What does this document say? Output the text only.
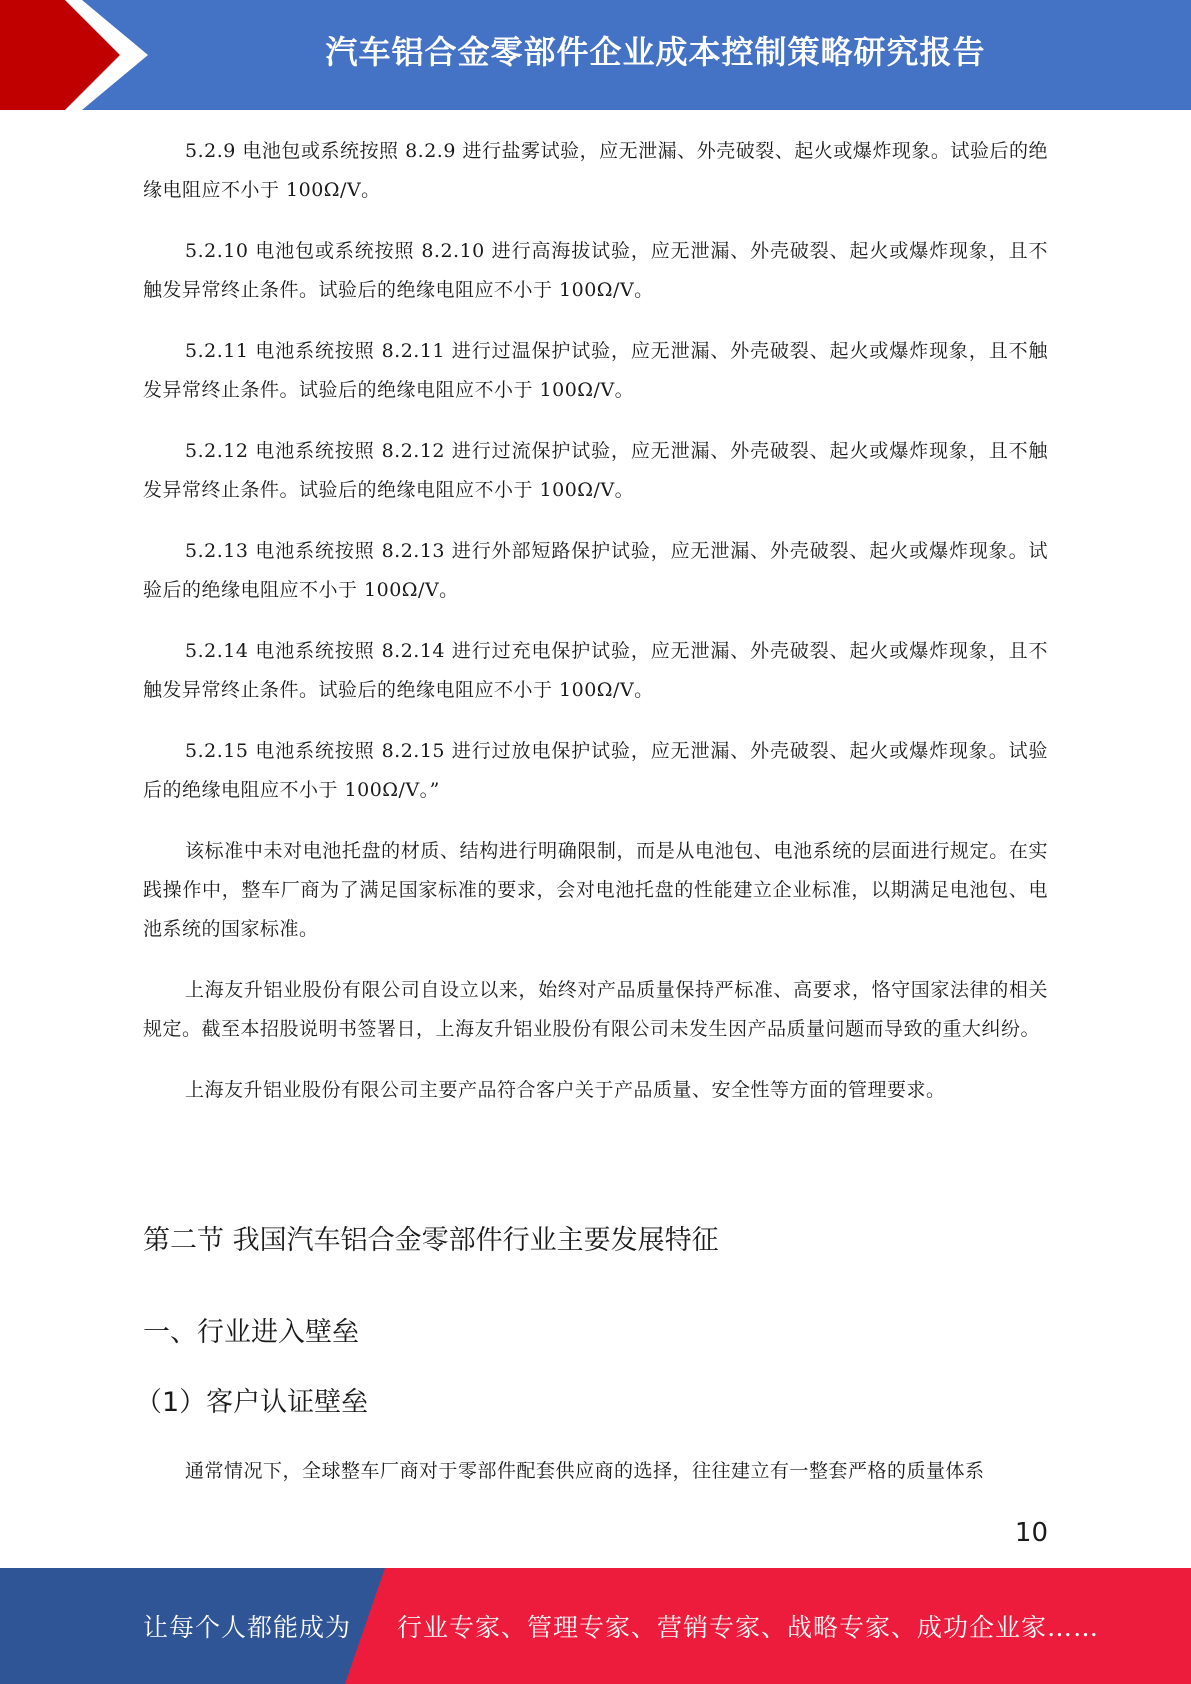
汽车铝合金零部件企业成本控制策略研究报告

5.2.9 电池包或系统按照 8.2.9 进行盐雾试验，应无泄漏、外壳破裂、起火或爆炸现象。试验后的绝缘电阻应不小于 100Ω/V。

5.2.10 电池包或系统按照 8.2.10 进行高海拔试验，应无泄漏、外壳破裂、起火或爆炸现象，且不触发异常终止条件。试验后的绝缘电阻应不小于 100Ω/V。

5.2.11 电池系统按照 8.2.11 进行过温保护试验，应无泄漏、外壳破裂、起火或爆炸现象，且不触发异常终止条件。试验后的绝缘电阻应不小于 100Ω/V。

5.2.12 电池系统按照 8.2.12 进行过流保护试验，应无泄漏、外壳破裂、起火或爆炸现象，且不触发异常终止条件。试验后的绝缘电阻应不小于 100Ω/V。

5.2.13 电池系统按照 8.2.13 进行外部短路保护试验，应无泄漏、外壳破裂、起火或爆炸现象。试验后的绝缘电阻应不小于 100Ω/V。

5.2.14 电池系统按照 8.2.14 进行过充电保护试验，应无泄漏、外壳破裂、起火或爆炸现象，且不触发异常终止条件。试验后的绝缘电阻应不小于 100Ω/V。

5.2.15 电池系统按照 8.2.15 进行过放电保护试验，应无泄漏、外壳破裂、起火或爆炸现象。试验后的绝缘电阻应不小于 100Ω/V。”

该标准中未对电池托盘的材质、结构进行明确限制，而是从电池包、电池系统的层面进行规定。在实践操作中，整车厂商为了满足国家标准的要求，会对电池托盘的性能建立企业标准，以期满足电池包、电池系统的国家标准。

上海友升铝业股份有限公司自设立以来，始终对产品质量保持严标准、高要求，恪守国家法律的相关规定。截至本招股说明书签署日，上海友升铝业股份有限公司未发生因产品质量问题而导致的重大纠纷。

上海友升铝业股份有限公司主要产品符合客户关于产品质量、安全性等方面的管理要求。

第二节 我国汽车铝合金零部件行业主要发展特征
一、行业进入壁垒
（1）客户认证壁垒

通常情况下，全球整车厂商对于零部件配套供应商的选择，往往建立有一整套严格的质量体系

10
让每个人都能成为 行业专家、管理专家、营销专家、战略专家、成功企业家……
